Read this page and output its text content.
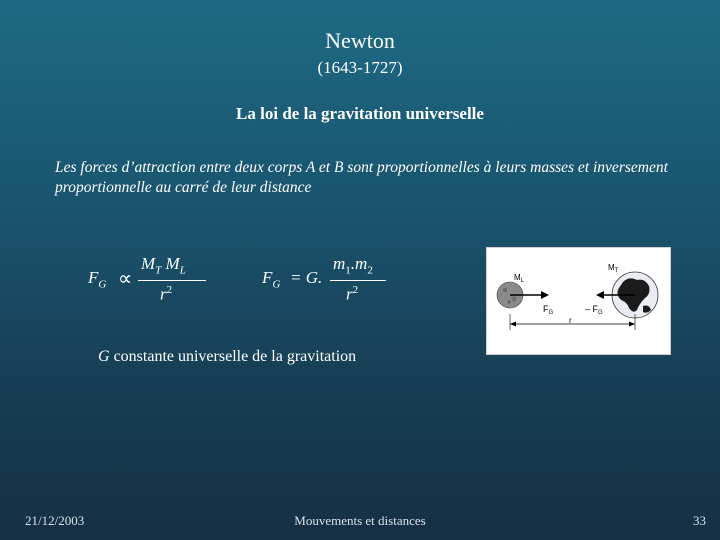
Newton
(1643-1727)
La loi de la gravitation universelle
Les forces d’attraction entre deux corps A et B sont proportionnelles à leurs masses et inversement proportionnelle au carré de leur distance
$F_G$ ∝
$M_T$ $M_L$
$r^2$
$F_G = G$.
$m_1.m_2$
$r^2$
$M_L$
$M_T$
$F_G$	– $F_G$
r
G constante universelle de la gravitation
21/12/2003	Mouvements et distances	33
